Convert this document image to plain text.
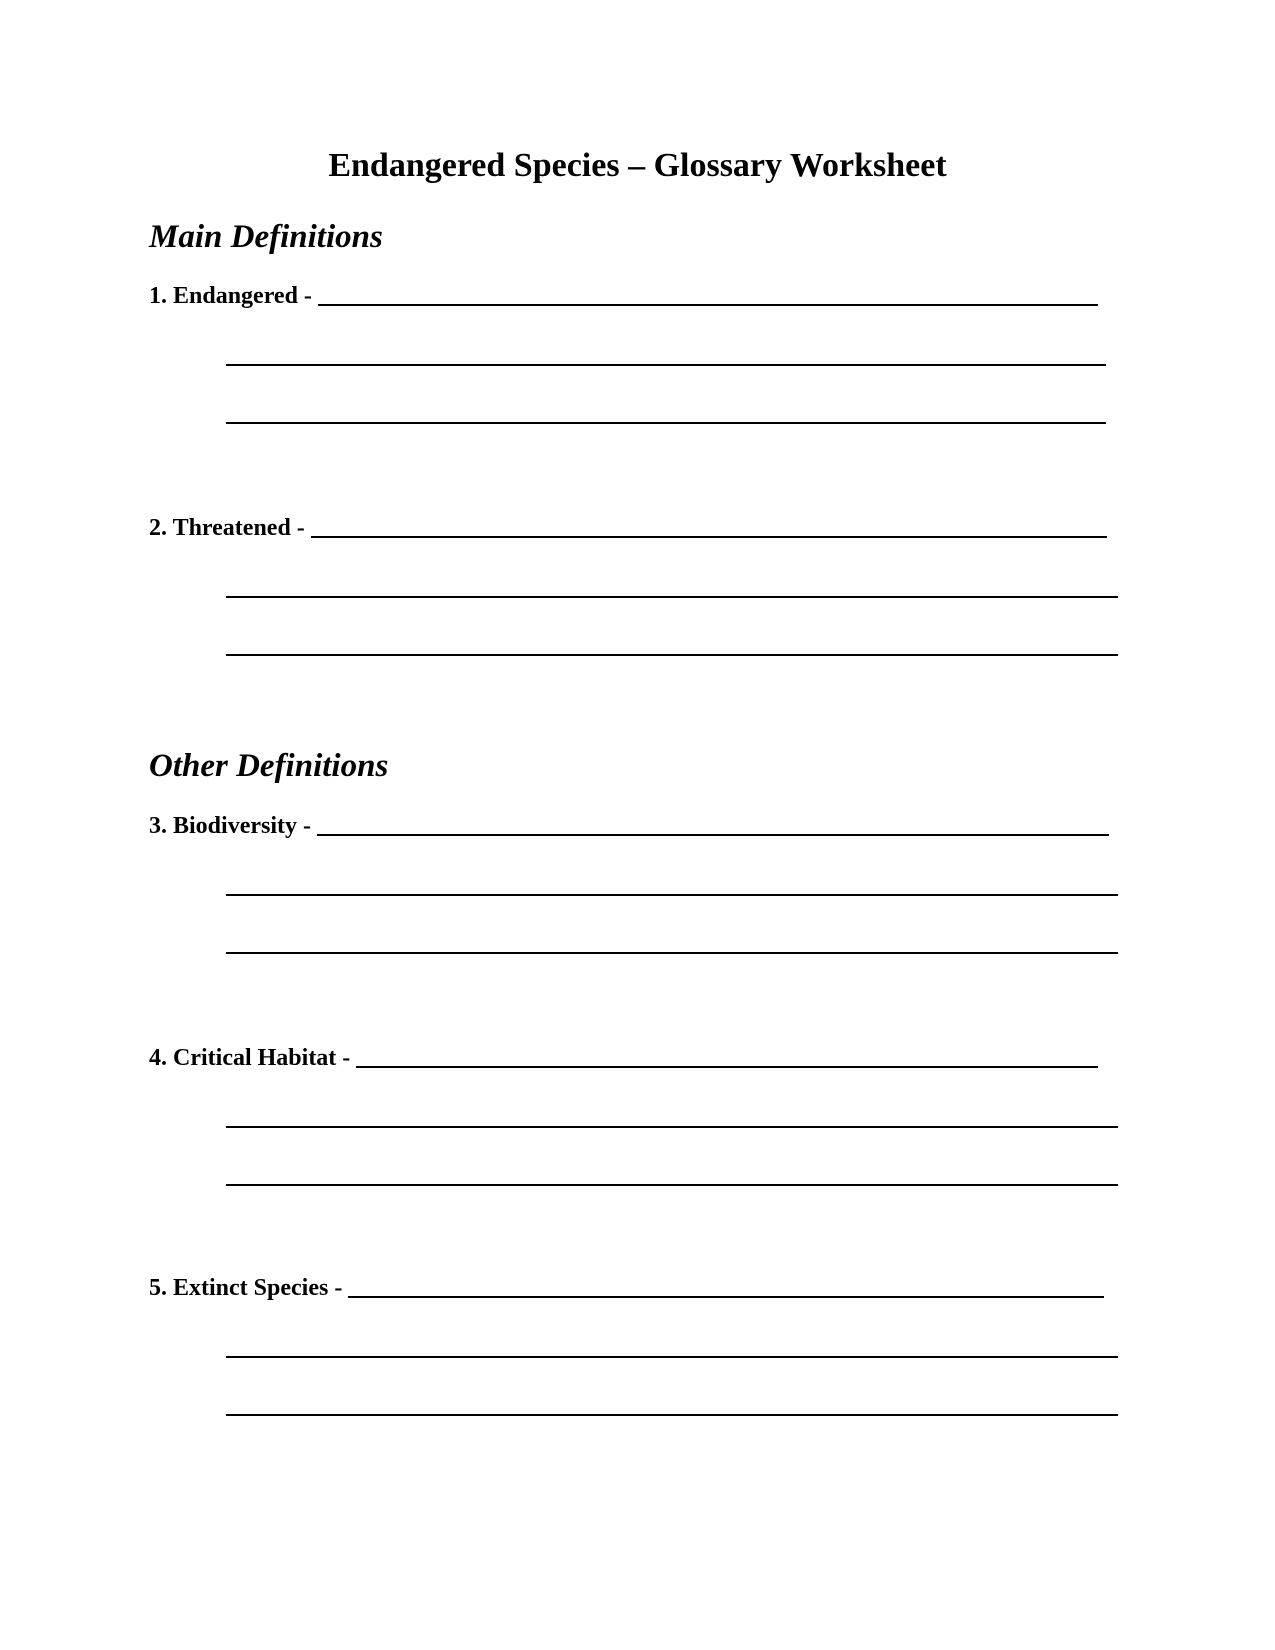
Endangered Species – Glossary Worksheet
Main Definitions
1. Endangered -
2. Threatened -
Other Definitions
3. Biodiversity -
4. Critical Habitat -
5. Extinct Species -
